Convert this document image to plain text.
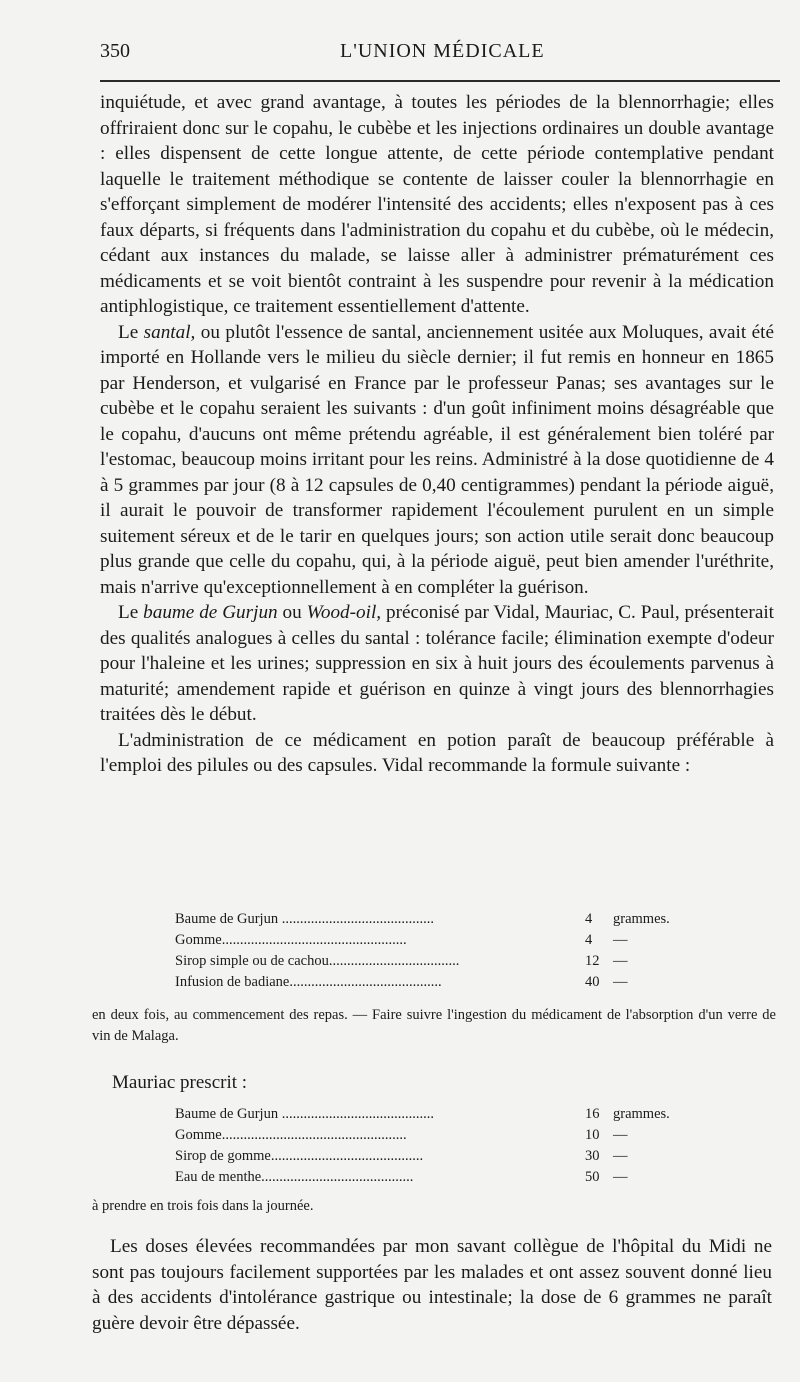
350	L'UNION MÉDICALE

inquiétude, et avec grand avantage, à toutes les périodes de la blennorrhagie; elles offriraient donc sur le copahu, le cubèbe et les injections ordinaires un double avantage : elles dispensent de cette longue attente, de cette période contemplative pendant laquelle le traitement méthodique se contente de laisser couler la blennorrhagie en s'efforçant simplement de modérer l'intensité des accidents; elles n'exposent pas à ces faux départs, si fréquents dans l'administration du copahu et du cubèbe, où le médecin, cédant aux instances du malade, se laisse aller à administrer prématurément ces médicaments et se voit bientôt contraint à les suspendre pour revenir à la médication antiphlogistique, ce traitement essentiellement d'attente.

Le santal, ou plutôt l'essence de santal, anciennement usitée aux Moluques, avait été importé en Hollande vers le milieu du siècle dernier; il fut remis en honneur en 1865 par Henderson, et vulgarisé en France par le professeur Panas; ses avantages sur le cubèbe et le copahu seraient les suivants : d'un goût infiniment moins désagréable que le copahu, d'aucuns ont même prétendu agréable, il est généralement bien toléré par l'estomac, beaucoup moins irritant pour les reins. Administré à la dose quotidienne de 4 à 5 grammes par jour (8 à 12 capsules de 0,40 centigrammes) pendant la période aiguë, il aurait le pouvoir de transformer rapidement l'écoulement purulent en un simple suitement séreux et de le tarir en quelques jours; son action utile serait donc beaucoup plus grande que celle du copahu, qui, à la période aiguë, peut bien amender l'uréthrite, mais n'arrive qu'exceptionnellement à en compléter la guérison.

Le baume de Gurjun ou Wood-oil, préconisé par Vidal, Mauriac, C. Paul, présenterait des qualités analogues à celles du santal : tolérance facile; élimination exempte d'odeur pour l'haleine et les urines; suppression en six à huit jours des écoulements parvenus à maturité; amendement rapide et guérison en quinze à vingt jours des blennorrhagies traitées dès le début.

L'administration de ce médicament en potion paraît de beaucoup préférable à l'emploi des pilules ou des capsules. Vidal recommande la formule suivante :

Baume de Gurjun ..........................................	4	grammes.
Gomme...................................................	4	—
Sirop simple ou de cachou....................................	12 —
Infusion de badiane..........................................	40 —
en deux fois, au commencement des repas. — Faire suivre l'ingestion du médicament de l'absorption d'un verre de vin de Malaga.
Mauriac prescrit :
Baume de Gurjun ..........................................	16 grammes.
Gomme...................................................	10 —
Sirop de gomme..........................................	30 —
Eau de menthe..........................................	50 —
à prendre en trois fois dans la journée.

Les doses élevées recommandées par mon savant collègue de l'hôpital du Midi ne sont pas toujours facilement supportées par les malades et ont assez souvent donné lieu à des accidents d'intolérance gastrique ou intestinale; la dose de 6 grammes ne paraît guère devoir être dépassée.
